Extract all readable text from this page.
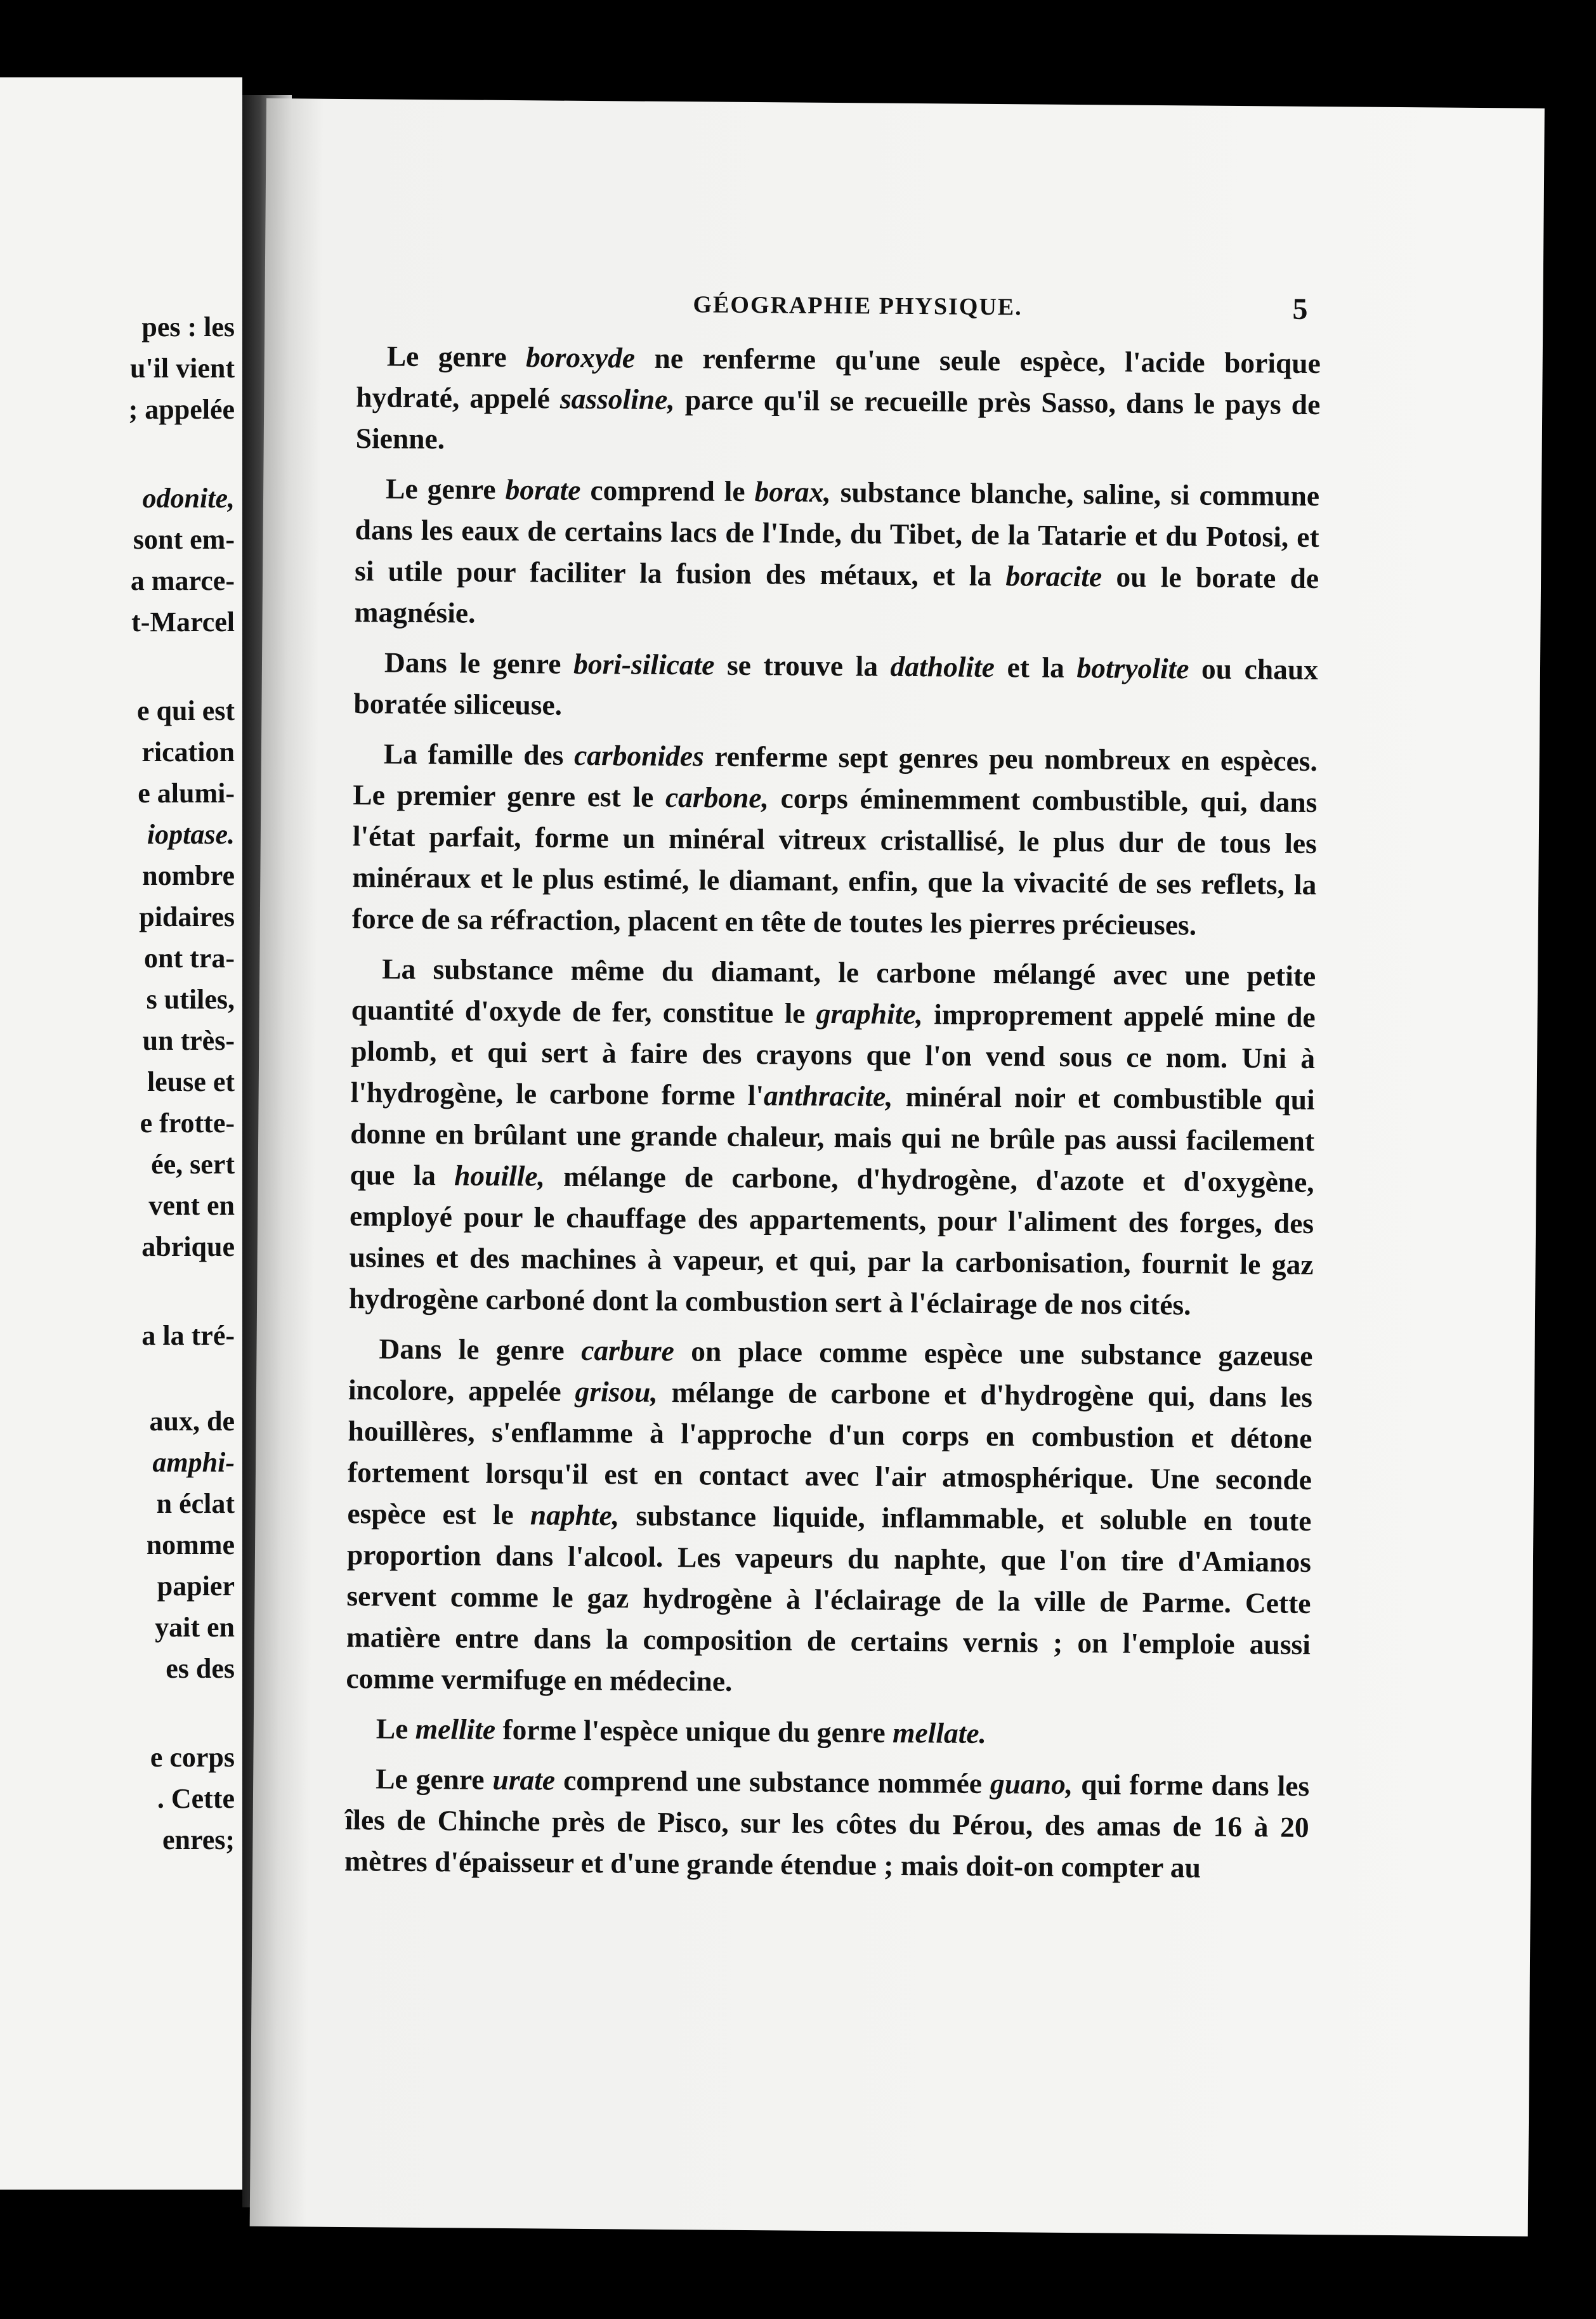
pes : les
u'il vient
; appelée
odonite,
sont em-
a marce-
t-Marcel
e qui est
rication
e alumi-
ioptase.
nombre
pidaires
ont tra-
s utiles,
un très-
leuse et
e frotte-
ée, sert
vent en
abrique
a la tré-
aux, de
amphi-
n éclat
nomme
papier
yait en
es des
e corps
. Cette
enres;
GÉOGRAPHIE PHYSIQUE.	5

Le genre boroxyde ne renferme qu'une seule espèce, l'acide borique hydraté, appelé sassoline, parce qu'il se recueille près Sasso, dans le pays de Sienne.

Le genre borate comprend le borax, substance blanche, saline, si commune dans les eaux de certains lacs de l'Inde, du Tibet, de la Tatarie et du Potosi, et si utile pour faciliter la fusion des métaux, et la boracite ou le borate de magnésie.

Dans le genre bori-silicate se trouve la datholite et la botryolite ou chaux boratée siliceuse.

La famille des carbonides renferme sept genres peu nombreux en espèces. Le premier genre est le carbone, corps éminemment combustible, qui, dans l'état parfait, forme un minéral vitreux cristallisé, le plus dur de tous les minéraux et le plus estimé, le diamant, enfin, que la vivacité de ses reflets, la force de sa réfraction, placent en tête de toutes les pierres précieuses.

La substance même du diamant, le carbone mélangé avec une petite quantité d'oxyde de fer, constitue le graphite, improprement appelé mine de plomb, et qui sert à faire des crayons que l'on vend sous ce nom. Uni à l'hydrogène, le carbone forme l'anthracite, minéral noir et combustible qui donne en brûlant une grande chaleur, mais qui ne brûle pas aussi facilement que la houille, mélange de carbone, d'hydrogène, d'azote et d'oxygène, employé pour le chauffage des appartements, pour l'aliment des forges, des usines et des machines à vapeur, et qui, par la carbonisation, fournit le gaz hydrogène carboné dont la combustion sert à l'éclairage de nos cités.

Dans le genre carbure on place comme espèce une substance gazeuse incolore, appelée grisou, mélange de carbone et d'hydrogène qui, dans les houillères, s'enflamme à l'approche d'un corps en combustion et détone fortement lorsqu'il est en contact avec l'air atmosphérique. Une seconde espèce est le naphte, substance liquide, inflammable, et soluble en toute proportion dans l'alcool. Les vapeurs du naphte, que l'on tire d'Amianos servent comme le gaz hydrogène à l'éclairage de la ville de Parme. Cette matière entre dans la composition de certains vernis ; on l'emploie aussi comme vermifuge en médecine.

Le mellite forme l'espèce unique du genre mellate.

Le genre urate comprend une substance nommée guano, qui forme dans les îles de Chinche près de Pisco, sur les côtes du Pérou, des amas de 16 à 20 mètres d'épaisseur et d'une grande étendue ; mais doit-on compter au
